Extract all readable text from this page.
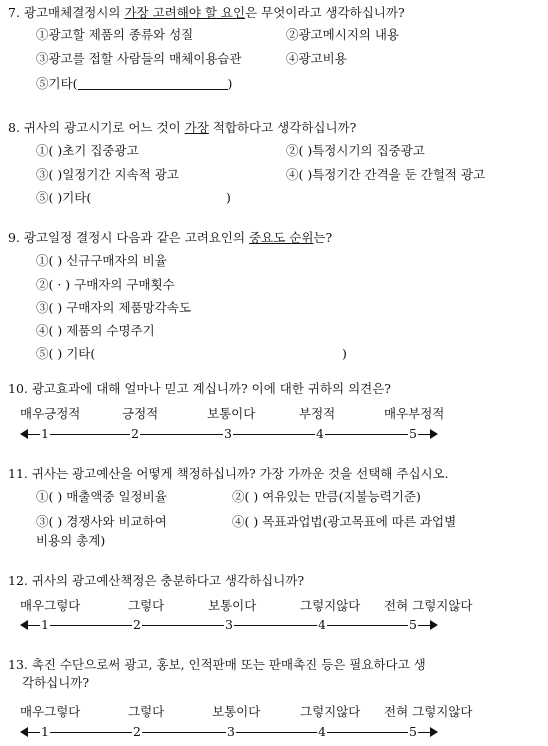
7. 광고매체결정시의 가장 고려해야 할 요인은 무엇이라고 생각하십니까?
①광고할 제품의 종류와 성질	②광고메시지의 내용
③광고를 접할 사람들의 매체이용습관	④광고비용
⑤기타(	)
8. 귀사의 광고시기로 어느 것이 가장 적합하다고 생각하십니까?
①( )초기 집중광고	②( )특정시기의 집중광고
③( )일정기간 지속적 광고	④( )특정기간 간격을 둔 간헐적 광고
⑤( )기타(	)
9. 광고일정 결정시 다음과 같은 고려요인의 중요도 순위는?
①( ) 신규구매자의 비율
②( · ) 구매자의 구매횟수
③( ) 구매자의 제품망각속도
④( ) 제품의 수명주기
⑤( ) 기타(	)
10. 광고효과에 대해 얼마나 믿고 계십니까? 이에 대한 귀하의 의견은?
매우긍정적	긍정적	보통이다	부정적	매우부정적
1	2	3	4	5
11. 귀사는 광고예산을 어떻게 책정하십니까? 가장 가까운 것을 선택해 주십시오.
①( ) 매출액중 일정비율	②( ) 여유있는 만큼(지불능력기준)
③( ) 경쟁사와 비교하여	④( ) 목표과업법(광고목표에 따른 과업별
비용의 총계)
12. 귀사의 광고예산책정은 충분하다고 생각하십니까?
매우그렇다	그렇다	보통이다	그렇지않다 전혀 그렇지않다
1	2	3	4	5
13. 촉진 수단으로써 광고, 홍보, 인적판매 또는 판매촉진 등은 필요하다고 생
각하십니까?
매우그렇다	그렇다	보통이다	그렇지않다 전혀 그렇지않다
1	2	3	4	5
